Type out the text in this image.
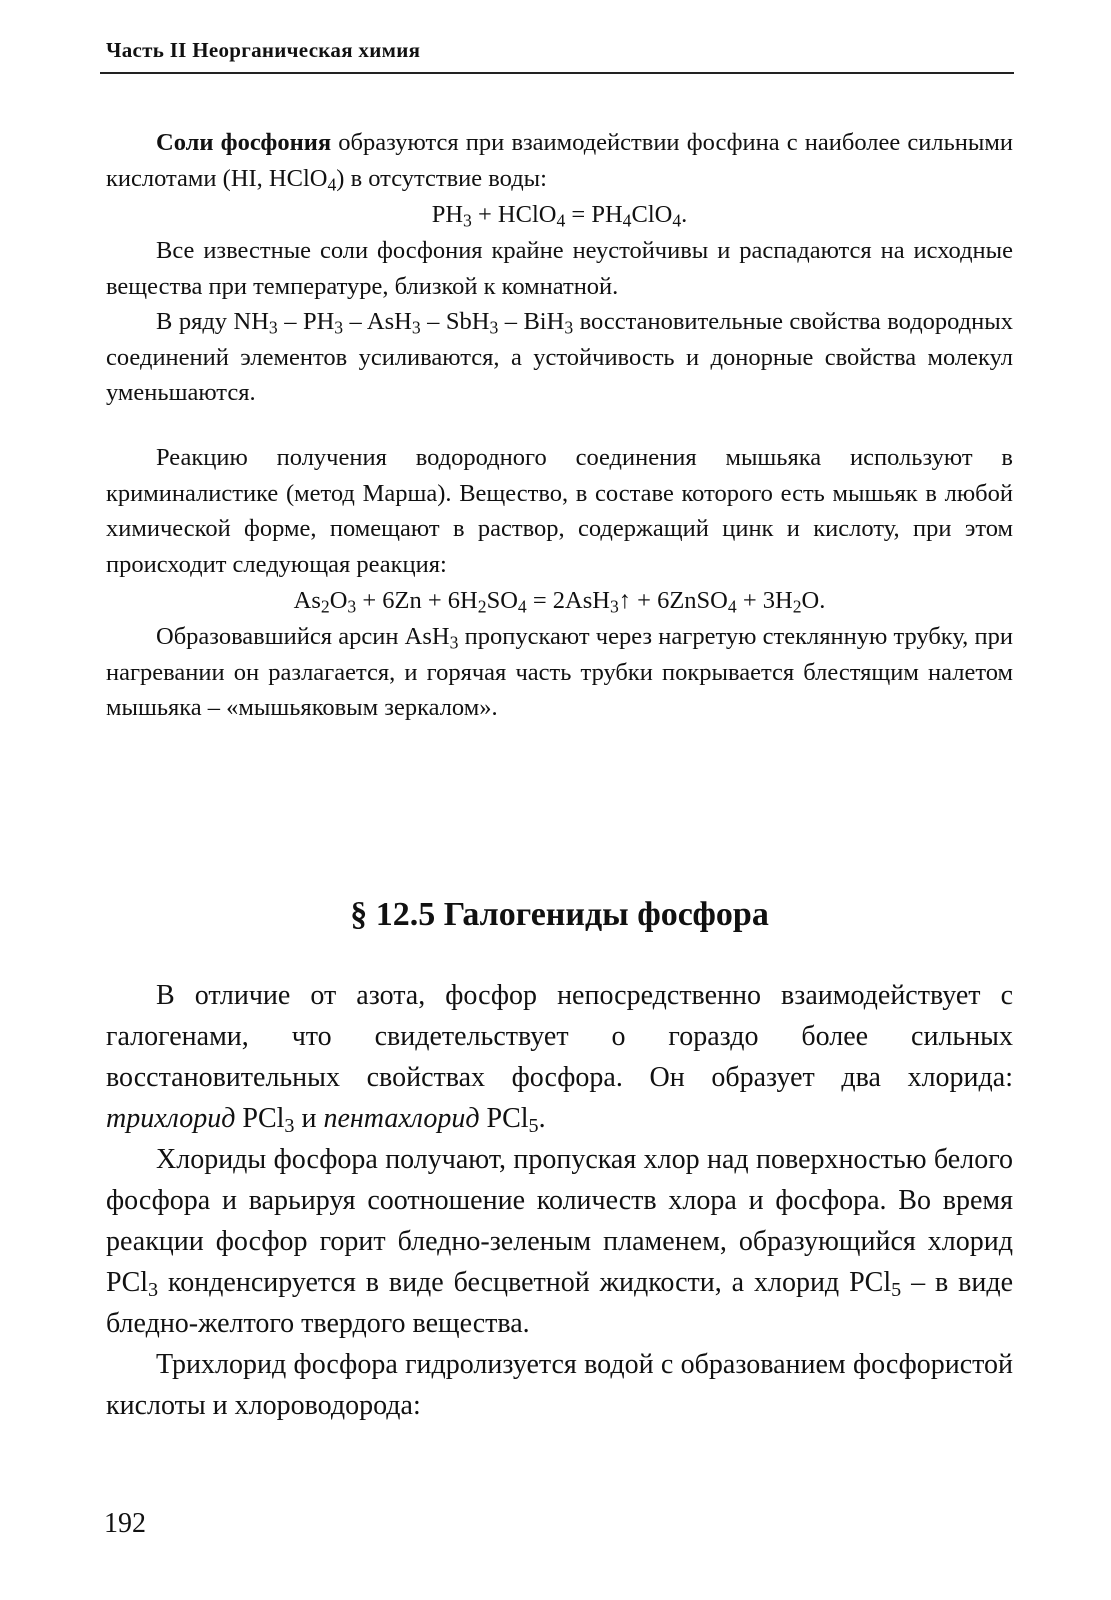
Часть II Неорганическая химия

Соли фосфония образуются при взаимодействии фосфина с наиболее сильными кислотами (HI, HClO$_4$) в отсутствие воды:

$PH_3$ + HClO$_4$ = $PH_4ClO_4$.

Все известные соли фосфония крайне неустойчивы и распадаются на исходные вещества при температуре, близкой к комнатной.

В ряду $NH_3 - PH_3 - AsH_3 - SbH_3 - BiH_3$ восстановительные свойства водородных соединений элементов усиливаются, а устойчивость и донорные свойства молекул уменьшаются.

Реакцию получения водородного соединения мышьяка используют в криминалистике (метод Марша). Вещество, в составе которого есть мышьяк в любой химической форме, помещают в раствор, содержащий цинк и кислоту, при этом происходит следующая реакция:

$As_2O_3 + 6Zn + 6H_2SO_4$ = 2AsH$_3$↑ + 6ZnSO$_4$ + $3H_2O$.

Образовавшийся арсин AsH$_3$ пропускают через нагретую стеклянную трубку, при нагревании он разлагается, и горячая часть трубки покрывается блестящим налетом мышьяка – «мышьяковым зеркалом».

§ 12.5 Галогениды фосфора

В отличие от азота, фосфор непосредственно взаимодействует с галогенами, что свидетельствует о гораздо более сильных восстановительных свойствах фосфора. Он образует два хлорида: трихлорид PCl$_3$ и пентахлорид PCl$_5$.

Хлориды фосфора получают, пропуская хлор над поверхностью белого фосфора и варьируя соотношение количеств хлора и фосфора. Во время реакции фосфор горит бледно-зеленым пламенем, образующийся хлорид PCl$_3$ конденсируется в виде бесцветной жидкости, а хлорид PCl$_5$ – в виде бледно-желтого твердого вещества.

Трихлорид фосфора гидролизуется водой с образованием фосфористой кислоты и хлороводорода:

192
